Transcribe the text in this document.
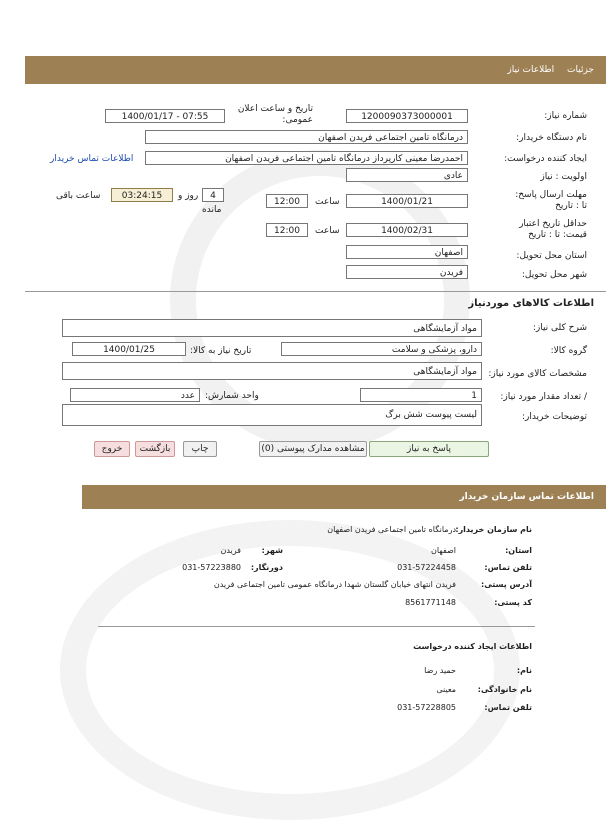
جزئیات اطلاعات نیاز
شماره نیاز:
1200090373000001
تاریخ و ساعت اعلان عمومی:
1400/01/17 - 07:55
نام دستگاه خریدار:
درمانگاه تامین اجتماعی فریدن اصفهان
ایجاد کننده درخواست:
احمدرضا معینی کارپرداز درمانگاه تامین اجتماعی فریدن اصفهان
اطلاعات تماس خریدار
اولویت : نیاز
عادی
مهلت ارسال پاسخ: تا : تاریخ
1400/01/21
ساعت
12:00
4
روز و
مانده
03:24:15
ساعت باقی
حداقل تاریخ اعتبار قیمت: تا : تاریخ
1400/02/31
ساعت
12:00
استان محل تحویل:
اصفهان
شهر محل تحویل:
فریدن
اطلاعات کالاهای موردنیاز
شرح کلی نیاز:
مواد آزمایشگاهی
گروه کالا:
دارو، پزشکی و سلامت
تاریخ نیاز به کالا:
1400/01/25
مشخصات کالای مورد نیاز:
مواد آزمایشگاهی
/ تعداد مقدار مورد نیاز:
1
واحد شمارش:
عدد
توضیحات خریدار:
لیست پیوست شش برگ
پاسخ به نیاز
مشاهده مدارک پیوستی (0)
چاپ
بازگشت
خروج
اطلاعات تماس سازمان خریدار
نام سازمان خریدار:
درمانگاه تامین اجتماعی فریدن اصفهان
استان:
اصفهان
شهر:
فریدن
تلفن تماس:
031-57224458
دورنگار:
031-57223880
آدرس پستی:
فریدن انتهای خیابان گلستان شهدا درمانگاه عمومی تامین اجتماعی فریدن
کد پستی:
8561771148
اطلاعات ایجاد کننده درخواست
نام:
حمید رضا
نام خانوادگی:
معینی
تلفن تماس:
031-57228805
